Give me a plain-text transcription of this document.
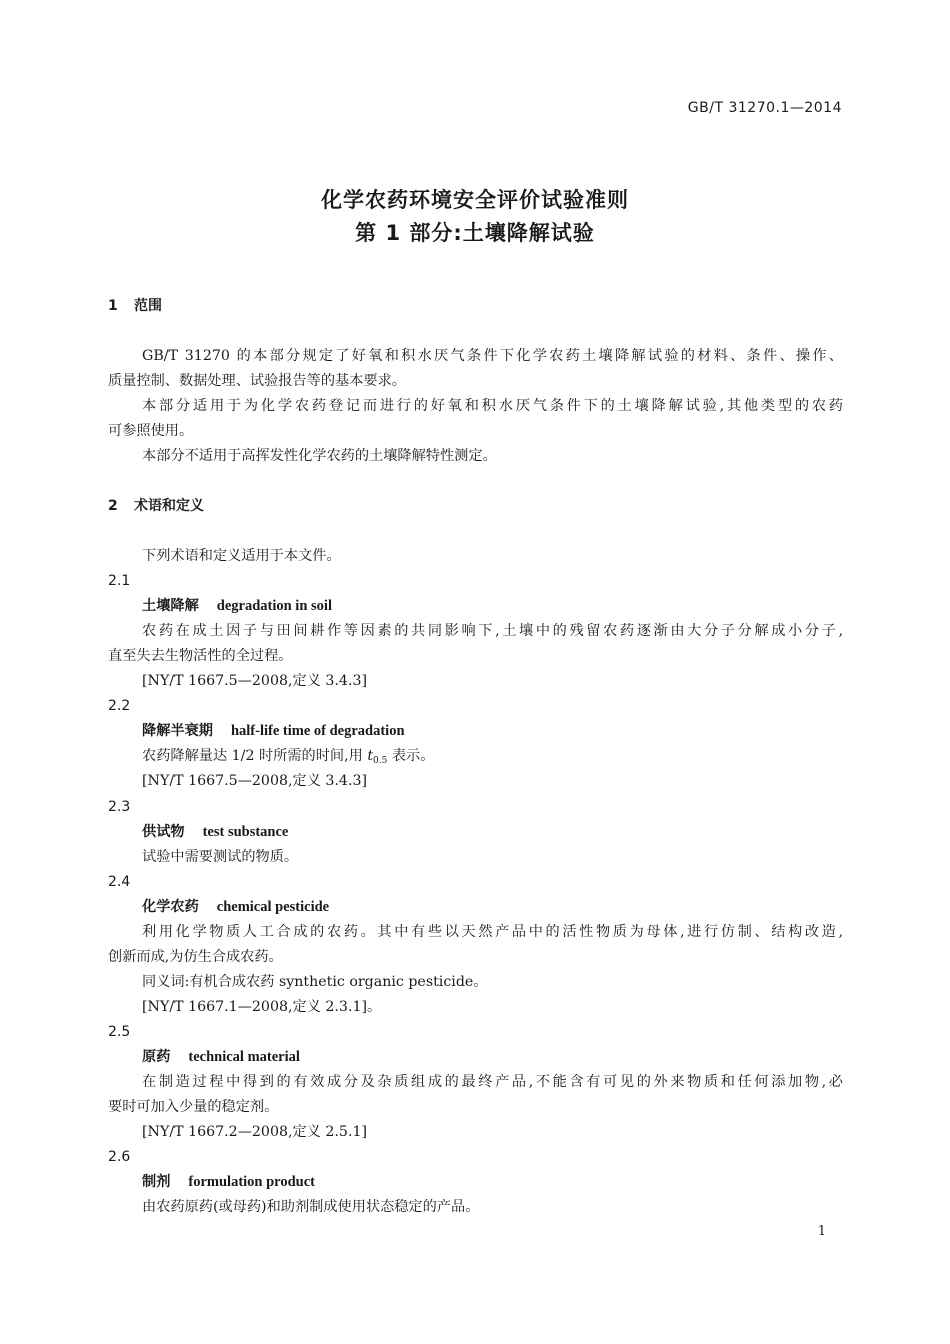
GB/T 31270.1—2014
化学农药环境安全评价试验准则
第 1 部分:土壤降解试验
1 范围
GB/T 31270 的本部分规定了好氧和积水厌气条件下化学农药土壤降解试验的材料、条件、操作、
质量控制、数据处理、试验报告等的基本要求。
本部分适用于为化学农药登记而进行的好氧和积水厌气条件下的土壤降解试验,其他类型的农药
可参照使用。
本部分不适用于高挥发性化学农药的土壤降解特性测定。
2 术语和定义
下列术语和定义适用于本文件。
2.1
土壤降解 degradation in soil
农药在成土因子与田间耕作等因素的共同影响下,土壤中的残留农药逐渐由大分子分解成小分子,
直至失去生物活性的全过程。
[NY/T 1667.5—2008,定义 3.4.3]
2.2
降解半衰期 half-life time of degradation
农药降解量达 1/2 时所需的时间,用 $t_{0.5}$ 表示。
[NY/T 1667.5—2008,定义 3.4.3]
2.3
供试物 test substance
试验中需要测试的物质。
2.4
化学农药 chemical pesticide
利用化学物质人工合成的农药。其中有些以天然产品中的活性物质为母体,进行仿制、结构改造,
创新而成,为仿生合成农药。
同义词:有机合成农药 synthetic organic pesticide。
[NY/T 1667.1—2008,定义 2.3.1]。
2.5
原药 technical material
在制造过程中得到的有效成分及杂质组成的最终产品,不能含有可见的外来物质和任何添加物,必
要时可加入少量的稳定剂。
[NY/T 1667.2—2008,定义 2.5.1]
2.6
制剂 formulation product
由农药原药(或母药)和助剂制成使用状态稳定的产品。
1
